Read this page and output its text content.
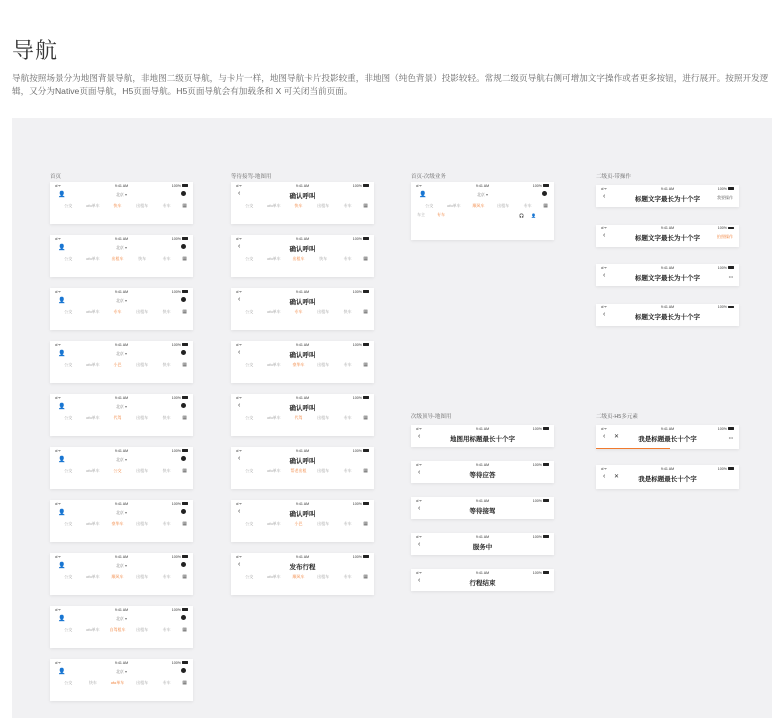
导航
导航按照场景分为地图背景导航，非地图二级页导航，与卡片一样，地图导航卡片投影较重，非地图（纯色背景）投影较轻。常规二级页导航右侧可增加文字操作或者更多按钮，进行展开。按照开发逻辑，又分为Native页面导航，H5页面导航。H5页面导航会有加载条和 X 可关闭当前页面。
首页	等待接驾-地图用	首页-次级业务	二级页-带操作
次级顶导-地图用	二级页-H5多元素
•ıl ᯤ	9:41 AM	100%
👤	北京 ▾
公交	ofo单车	快车	出租车	专车	▦
•ıl ᯤ	9:41 AM	100%
👤	北京 ▾
公交	ofo单车	出租车	快车	专车	▦
•ıl ᯤ	9:41 AM	100%
👤	北京 ▾
公交	ofo单车	专车	出租车	快车	▦
•ıl ᯤ	9:41 AM	100%
👤	北京 ▾
公交	ofo单车	小巴	出租车	快车	▦
•ıl ᯤ	9:41 AM	100%
👤	北京 ▾
公交	ofo单车	代驾	出租车	快车	▦
•ıl ᯤ	9:41 AM	100%
👤	北京 ▾
公交	ofo单车	公交	出租车	快车	▦
•ıl ᯤ	9:41 AM	100%
👤	北京 ▾
公交	ofo单车	豪华车	出租车	专车	▦
•ıl ᯤ	9:41 AM	100%
👤	北京 ▾
公交	ofo单车	顺风车	出租车	专车	▦
•ıl ᯤ	9:41 AM	100%
👤	北京 ▾
公交	ofo单车	自驾租车	出租车	专车	▦
•ıl ᯤ	9:41 AM	100%
👤	北京 ▾
公交	快车	ofo单车	出租车	专车	▦
•ıl ᯤ	9:41 AM	100%
‹	确认呼叫
公交	ofo单车	快车	出租车	专车	▦
•ıl ᯤ	9:41 AM	100%
‹	确认呼叫
公交	ofo单车	出租车	快车	专车	▦
•ıl ᯤ	9:41 AM	100%
‹	确认呼叫
公交	ofo单车	专车	出租车	快车	▦
•ıl ᯤ	9:41 AM	100%
‹	确认呼叫
公交	ofo单车	豪华车	出租车	专车	▦
•ıl ᯤ	9:41 AM	100%
‹	确认呼叫
公交	ofo单车	代驾	出租车	专车	▦
•ıl ᯤ	9:41 AM	100%
‹	确认呼叫
公交	ofo单车	帮老出租	出租车	专车	▦
•ıl ᯤ	9:41 AM	100%
‹	确认呼叫
公交	ofo单车	小巴	出租车	专车	▦
•ıl ᯤ	9:41 AM	100%
‹	发布行程
公交	ofo单车	顺风车	出租车	专车	▦
•ıl ᯤ	9:41 AM	100%
👤	北京 ▾
公交	ofo单车	顺风车	出租车	专车	▦
车主	专车	🎧 👤
•ıl ᯤ	9:41 AM	100%
‹	地图用标题最长十个字
•ıl ᯤ	9:41 AM	100%
‹	等待应答
•ıl ᯤ	9:41 AM	100%
‹	等待接驾
•ıl ᯤ	9:41 AM	100%
‹	服务中
•ıl ᯤ	9:41 AM	100%
‹	行程结束
•ıl ᯤ	9:41 AM	100%
‹	标题文字最长为十个字	我要操作
•ıl ᯤ	9:41 AM	100%
‹	标题文字最长为十个字	拍照操作
•ıl ᯤ	9:41 AM	100%
‹	标题文字最长为十个字	•••
•ıl ᯤ	9:41 AM	100%
‹	标题文字最长为十个字
•ıl ᯤ	9:41 AM	100%
‹ ✕	我是标题最长十个字	•••
•ıl ᯤ	9:41 AM	100%
‹ ✕	我是标题最长十个字
